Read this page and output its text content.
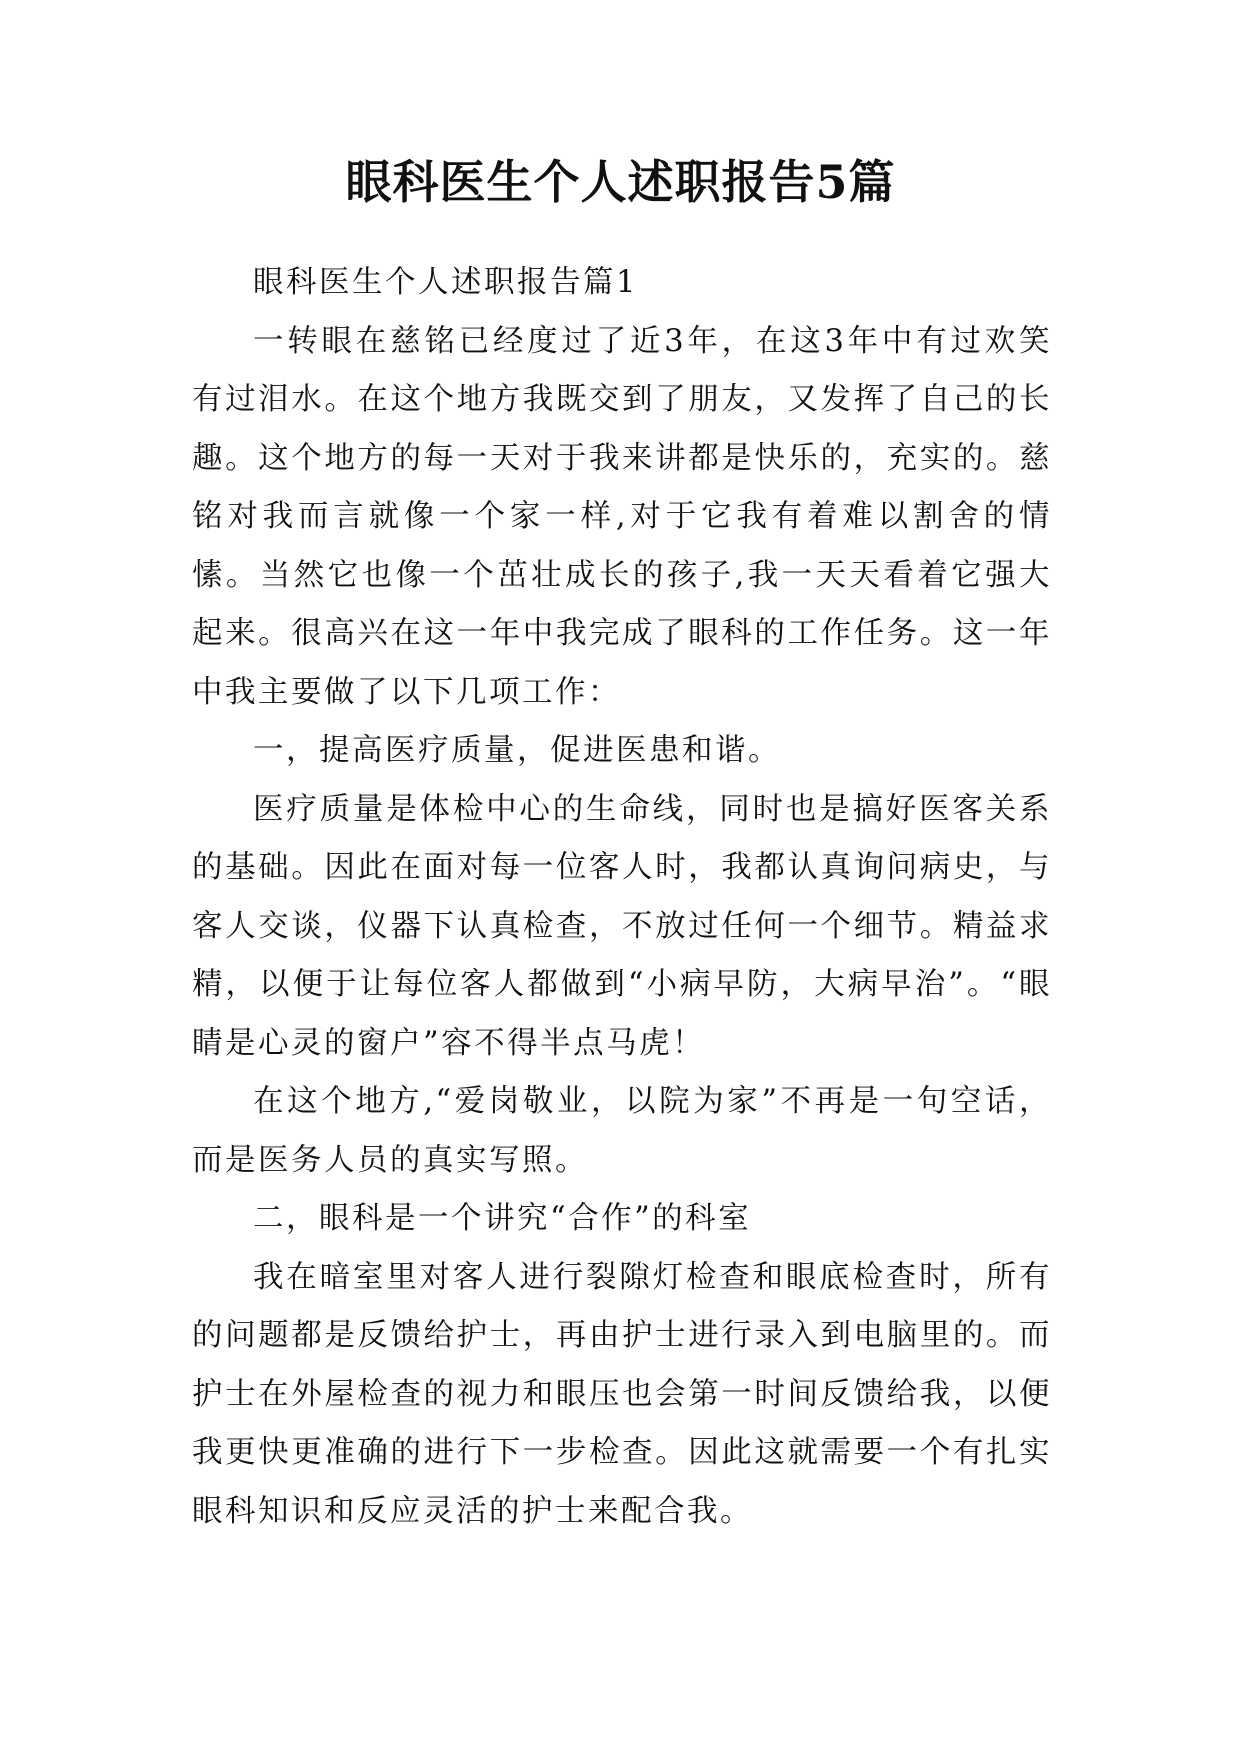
眼科医生个人述职报告5篇

眼科医生个人述职报告篇1

一转眼在慈铭已经度过了近3年，在这3年中有过欢笑有过泪水。在这个地方我既交到了朋友，又发挥了自己的长趣。这个地方的每一天对于我来讲都是快乐的，充实的。慈铭对我而言就像一个家一样,对于它我有着难以割舍的情愫。当然它也像一个茁壮成长的孩子,我一天天看着它强大起来。很高兴在这一年中我完成了眼科的工作任务。这一年中我主要做了以下几项工作：

一，提高医疗质量，促进医患和谐。

医疗质量是体检中心的生命线，同时也是搞好医客关系的基础。因此在面对每一位客人时，我都认真询问病史，与客人交谈，仪器下认真检查，不放过任何一个细节。精益求精，以便于让每位客人都做到“小病早防，大病早治”。“眼睛是心灵的窗户”容不得半点马虎！

在这个地方,“爱岗敬业，以院为家”不再是一句空话，而是医务人员的真实写照。

二，眼科是一个讲究“合作”的科室

我在暗室里对客人进行裂隙灯检查和眼底检查时，所有的问题都是反馈给护士，再由护士进行录入到电脑里的。而护士在外屋检查的视力和眼压也会第一时间反馈给我，以便我更快更准确的进行下一步检查。因此这就需要一个有扎实眼科知识和反应灵活的护士来配合我。
